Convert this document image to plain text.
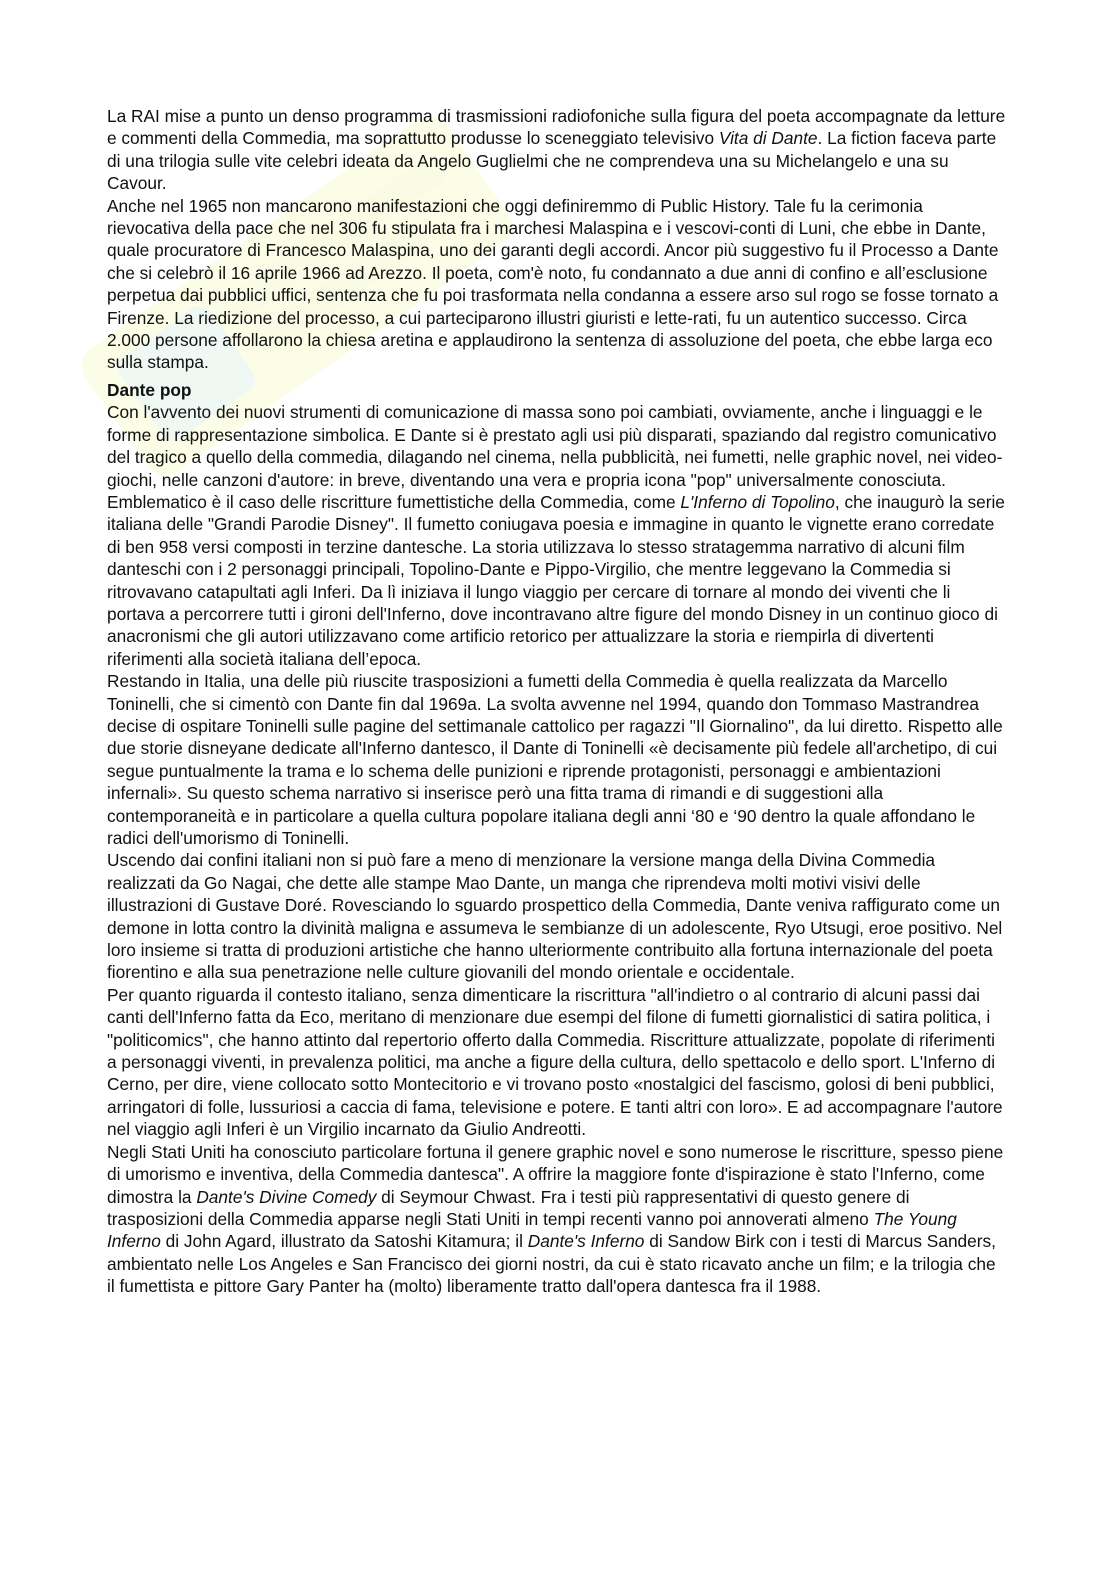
La RAI mise a punto un denso programma di trasmissioni radiofoniche sulla figura del poeta accompagnate da letture e commenti della Commedia, ma soprattutto produsse lo sceneggiato televisivo Vita di Dante. La fiction faceva parte di una trilogia sulle vite celebri ideata da Angelo Guglielmi che ne comprendeva una su Michelangelo e una su Cavour.

Anche nel 1965 non mancarono manifestazioni che oggi definiremmo di Public History. Tale fu la cerimonia rievocativa della pace che nel 306 fu stipulata fra i marchesi Malaspina e i vescovi-conti di Luni, che ebbe in Dante, quale procuratore di Francesco Malaspina, uno dei garanti degli accordi. Ancor più suggestivo fu il Processo a Dante che si celebrò il 16 aprile 1966 ad Arezzo. Il poeta, com'è noto, fu condannato a due anni di confino e all’esclusione perpetua dai pubblici uffici, sentenza che fu poi trasformata nella condanna a essere arso sul rogo se fosse tornato a Firenze. La riedizione del processo, a cui parteciparono illustri giuristi e lette-rati, fu un autentico successo. Circa 2.000 persone affollarono la chiesa aretina e applaudirono la sentenza di assoluzione del poeta, che ebbe larga eco sulla stampa.

Dante pop

Con l'avvento dei nuovi strumenti di comunicazione di massa sono poi cambiati, ovviamente, anche i linguaggi e le forme di rappresentazione simbolica. E Dante si è prestato agli usi più disparati, spaziando dal registro comunicativo del tragico a quello della commedia, dilagando nel cinema, nella pubblicità, nei fumetti, nelle graphic novel, nei video-giochi, nelle canzoni d'autore: in breve, diventando una vera e propria icona "pop" universalmente conosciuta.

Emblematico è il caso delle riscritture fumettistiche della Commedia, come L'Inferno di Topolino, che inaugurò la serie italiana delle "Grandi Parodie Disney". Il fumetto coniugava poesia e immagine in quanto le vignette erano corredate di ben 958 versi composti in terzine dantesche. La storia utilizzava lo stesso stratagemma narrativo di alcuni film danteschi con i 2 personaggi principali, Topolino-Dante e Pippo-Virgilio, che mentre leggevano la Commedia si ritrovavano catapultati agli Inferi. Da lì iniziava il lungo viaggio per cercare di tornare al mondo dei viventi che li portava a percorrere tutti i gironi dell'Inferno, dove incontravano altre figure del mondo Disney in un continuo gioco di anacronismi che gli autori utilizzavano come artificio retorico per attualizzare la storia e riempirla di divertenti riferimenti alla società italiana dell’epoca.

Restando in Italia, una delle più riuscite trasposizioni a fumetti della Commedia è quella realizzata da Marcello Toninelli, che si cimentò con Dante fin dal 1969a. La svolta avvenne nel 1994, quando don Tommaso Mastrandrea decise di ospitare Toninelli sulle pagine del settimanale cattolico per ragazzi "Il Giornalino", da lui diretto. Rispetto alle due storie disneyane dedicate all'Inferno dantesco, il Dante di Toninelli «è decisamente più fedele all'archetipo, di cui segue puntualmente la trama e lo schema delle punizioni e riprende protagonisti, personaggi e ambientazioni infernali». Su questo schema narrativo si inserisce però una fitta trama di rimandi e di suggestioni alla contemporaneità e in particolare a quella cultura popolare italiana degli anni ‘80 e ‘90 dentro la quale affondano le radici dell'umorismo di Toninelli.

Uscendo dai confini italiani non si può fare a meno di menzionare la versione manga della Divina Commedia realizzati da Go Nagai, che dette alle stampe Mao Dante, un manga che riprendeva molti motivi visivi delle illustrazioni di Gustave Doré. Rovesciando lo sguardo prospettico della Commedia, Dante veniva raffigurato come un demone in lotta contro la divinità maligna e assumeva le sembianze di un adolescente, Ryo Utsugi, eroe positivo. Nel loro insieme si tratta di produzioni artistiche che hanno ulteriormente contribuito alla fortuna internazionale del poeta fiorentino e alla sua penetrazione nelle culture giovanili del mondo orientale e occidentale.

Per quanto riguarda il contesto italiano, senza dimenticare la riscrittura "all'indietro o al contrario di alcuni passi dai canti dell'Inferno fatta da Eco, meritano di menzionare due esempi del filone di fumetti giornalistici di satira politica, i "politicomics", che hanno attinto dal repertorio offerto dalla Commedia. Riscritture attualizzate, popolate di riferimenti a personaggi viventi, in prevalenza politici, ma anche a figure della cultura, dello spettacolo e dello sport. L'Inferno di Cerno, per dire, viene collocato sotto Montecitorio e vi trovano posto «nostalgici del fascismo, golosi di beni pubblici, arringatori di folle, lussuriosi a caccia di fama, televisione e potere. E tanti altri con loro». E ad accompagnare l'autore nel viaggio agli Inferi è un Virgilio incarnato da Giulio Andreotti.

Negli Stati Uniti ha conosciuto particolare fortuna il genere graphic novel e sono numerose le riscritture, spesso piene di umorismo e inventiva, della Commedia dantesca". A offrire la maggiore fonte d'ispirazione è stato l'Inferno, come dimostra la Dante's Divine Comedy di Seymour Chwast. Fra i testi più rappresentativi di questo genere di trasposizioni della Commedia apparse negli Stati Uniti in tempi recenti vanno poi annoverati almeno The Young Inferno di John Agard, illustrato da Satoshi Kitamura; il Dante's Inferno di Sandow Birk con i testi di Marcus Sanders, ambientato nelle Los Angeles e San Francisco dei giorni nostri, da cui è stato ricavato anche un film; e la trilogia che il fumettista e pittore Gary Panter ha (molto) liberamente tratto dall'opera dantesca fra il 1988.
